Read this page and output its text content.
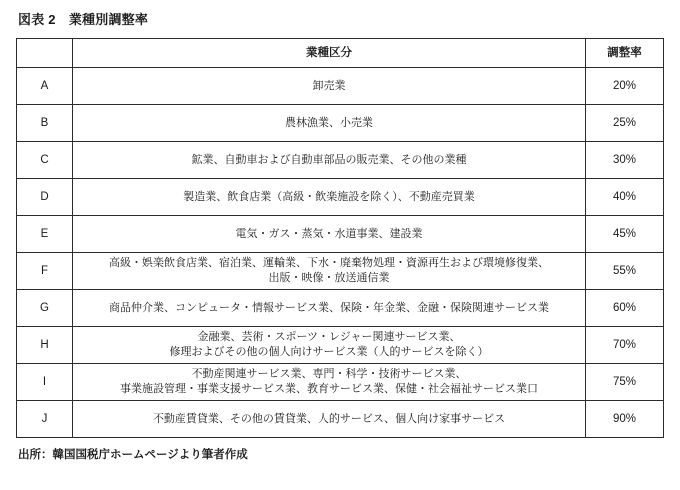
図表 2　業種別調整率
	業種区分	調整率
A	卸売業	20%
B	農林漁業、小売業	25%
C	鉱業、自動車および自動車部品の販売業、その他の業種	30%
D	製造業、飲食店業（高級・飲楽施設を除く）、不動産売買業	40%
E	電気・ガス・蒸気・水道事業、建設業	45%
F	高級・娯楽飲食店業、宿泊業、運輸業、下水・廃棄物処理・資源再生および環境修復業、
出版・映像・放送通信業	55%
G	商品仲介業、コンピュータ・情報サービス業、保険・年金業、金融・保険関連サービス業	60%
H	金融業、芸術・スポーツ・レジャー関連サービス業、
修理およびその他の個人向けサービス業（人的サービスを除く）	70%
I	不動産関連サービス業、専門・科学・技術サービス業、
事業施設管理・事業支援サービス業、教育サービス業、保健・社会福祉サービス業口	75%
J	不動産賃貸業、その他の賃貸業、人的サービス、個人向け家事サービス	90%
出所：韓国国税庁ホームページより筆者作成
